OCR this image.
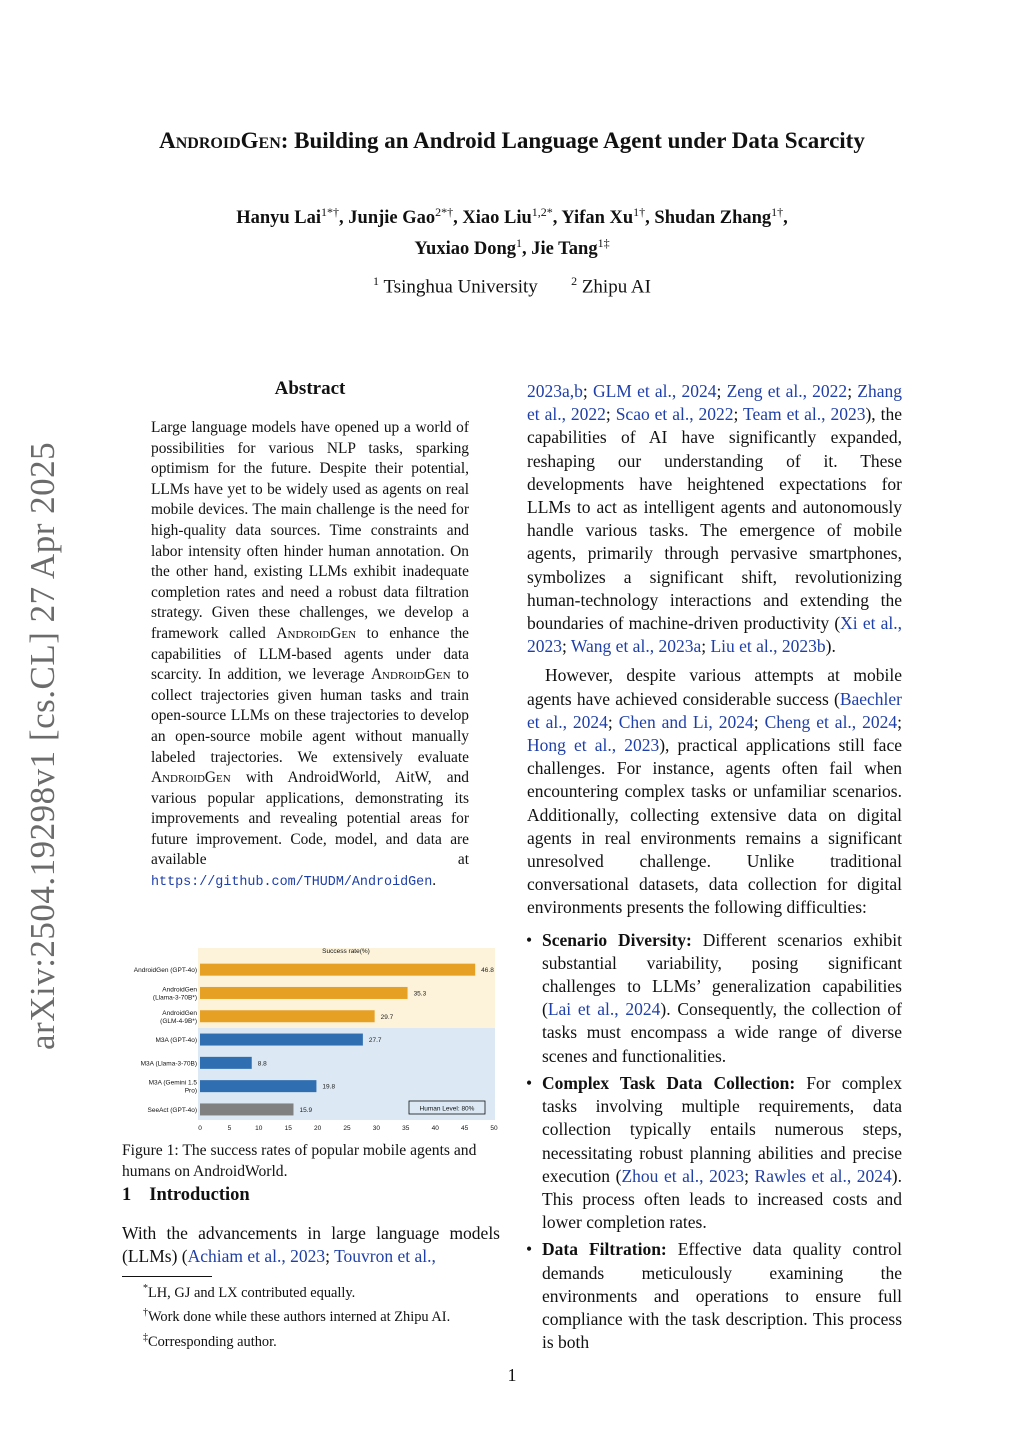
arXiv:2504.19298v1 [cs.CL] 27 Apr 2025
AndroidGen: Building an Android Language Agent under Data Scarcity
Hanyu Lai$^{1*\dagger}$, Junjie Gao$^{2*\dagger}$, Xiao Liu$^{1,2*}$, Yifan $Xu^{1\dagger}$, Shudan Zhang$^{1\dagger}$,
Yuxiao Dong$^1$, Jie Tang$^{1\ddagger}$
$^1$ Tsinghua University	$^2$ Zhipu AI
Abstract
Large language models have opened up a world of possibilities for various NLP tasks, sparking optimism for the future. Despite their potential, LLMs have yet to be widely used as agents on real mobile devices. The main challenge is the need for high-quality data sources. Time constraints and labor intensity often hinder human annotation. On the other hand, existing LLMs exhibit inadequate completion rates and need a robust data filtration strategy. Given these challenges, we develop a framework called AndroidGen to enhance the capabilities of LLM-based agents under data scarcity. In addition, we leverage AndroidGen to collect trajectories given human tasks and train open-source LLMs on these trajectories to develop an open-source mobile agent without manually labeled trajectories. We extensively evaluate AndroidGen with AndroidWorld, AitW, and various popular applications, demonstrating its improvements and revealing potential areas for future improvement. Code, model, and data are available at https://github.com/THUDM/AndroidGen.
Success rate(%)
46.8
AndroidGen (GPT-4o)
35.3
AndroidGen (Llama-3-70B*)
29.7
AndroidGen (GLM-4-9B*)
27.7
M3A (GPT-4o)
8.8
M3A (Llama-3-70B)
19.8
M3A (Gemini 1.5 Pro)
15.9
SeeAct (GPT-4o)
0	5	10	15	20	25	30	35	40	45	50
Human Level: 80%
Figure 1: The success rates of popular mobile agents and humans on AndroidWorld.
1 Introduction
With the advancements in large language models (LLMs) (Achiam et al., 2023; Touvron et al.,
*LH, GJ and LX contributed equally.
†Work done while these authors interned at Zhipu AI.
‡Corresponding author.

2023a,b; GLM et al., 2024; Zeng et al., 2022; Zhang et al., 2022; Scao et al., 2022; Team et al., 2023), the capabilities of AI have significantly expanded, reshaping our understanding of it. These developments have heightened expectations for LLMs to act as intelligent agents and autonomously handle various tasks. The emergence of mobile agents, primarily through pervasive smartphones, symbolizes a significant shift, revolutionizing human-technology interactions and extending the boundaries of machine-driven productivity (Xi et al., 2023; Wang et al., 2023a; Liu et al., 2023b).

However, despite various attempts at mobile agents have achieved considerable success (Baechler et al., 2024; Chen and Li, 2024; Cheng et al., 2024; Hong et al., 2023), practical applications still face challenges. For instance, agents often fail when encountering complex tasks or unfamiliar scenarios. Additionally, collecting extensive data on digital agents in real environments remains a significant unresolved challenge. Unlike traditional conversational datasets, data collection for digital environments presents the following difficulties:

• Scenario Diversity: Different scenarios exhibit substantial variability, posing significant challenges to LLMs’ generalization capabilities (Lai et al., 2024). Consequently, the collection of tasks must encompass a wide range of diverse scenes and functionalities.
• Complex Task Data Collection: For complex tasks involving multiple requirements, data collection typically entails numerous steps, necessitating robust planning abilities and precise execution (Zhou et al., 2023; Rawles et al., 2024). This process often leads to increased costs and lower completion rates.
• Data Filtration: Effective data quality control demands meticulously examining the environments and operations to ensure full compliance with the task description. This process is both
1
